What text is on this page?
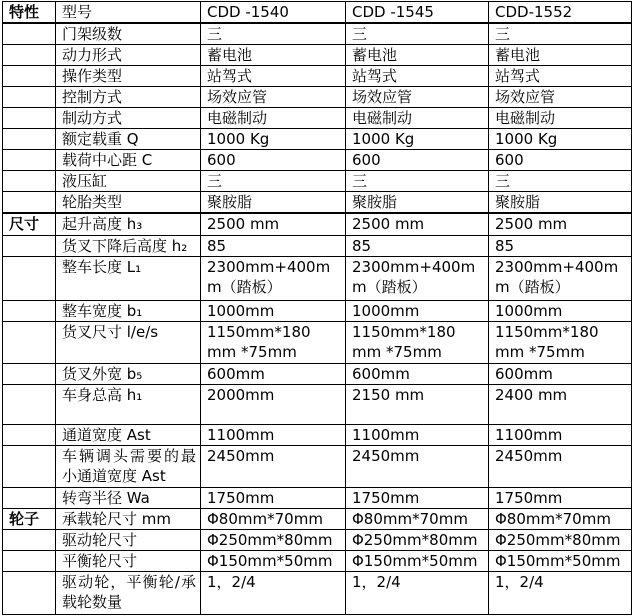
特性	型号	CDD -1540	CDD -1545	CDD-1552
	门架级数	三	三	三
	动力形式	蓄电池	蓄电池	蓄电池
	操作类型	站驾式	站驾式	站驾式
	控制方式	场效应管	场效应管	场效应管
	制动方式	电磁制动	电磁制动	电磁制动
	额定载重 Q	1000 Kg	1000 Kg	1000 Kg
	载荷中心距 C	600	600	600
	液压缸	三	三	三
	轮胎类型	聚胺脂	聚胺脂	聚胺脂
尺寸	起升高度 h₃	2500 mm	2500 mm	2500 mm
	货叉下降后高度 h₂	85	85	85
	整车长度 L₁	2300mm+400mm（踏板）	2300mm+400mm（踏板）	2300mm+400mm（踏板）
	整车宽度 b₁	1000mm	1000mm	1000mm
	货叉尺寸 l/e/s	1150mm*180 mm *75mm	1150mm*180 mm *75mm	1150mm*180 mm *75mm
	货叉外宽 b₅	600mm	600mm	600mm
	车身总高 h₁	2000mm	2150 mm	2400 mm
	通道宽度 Ast	1100mm	1100mm	1100mm
	车辆调头需要的最小通道宽度 Ast	2450mm	2450mm	2450mm
	转弯半径 Wa	1750mm	1750mm	1750mm
轮子	承载轮尺寸 mm	Φ80mm*70mm	Φ80mm*70mm	Φ80mm*70mm
	驱动轮尺寸	Φ250mm*80mm	Φ250mm*80mm	Φ250mm*80mm
	平衡轮尺寸	Φ150mm*50mm	Φ150mm*50mm	Φ150mm*50mm
	驱动轮，平衡轮/承载轮数量	1，2/4	1，2/4	1，2/4
